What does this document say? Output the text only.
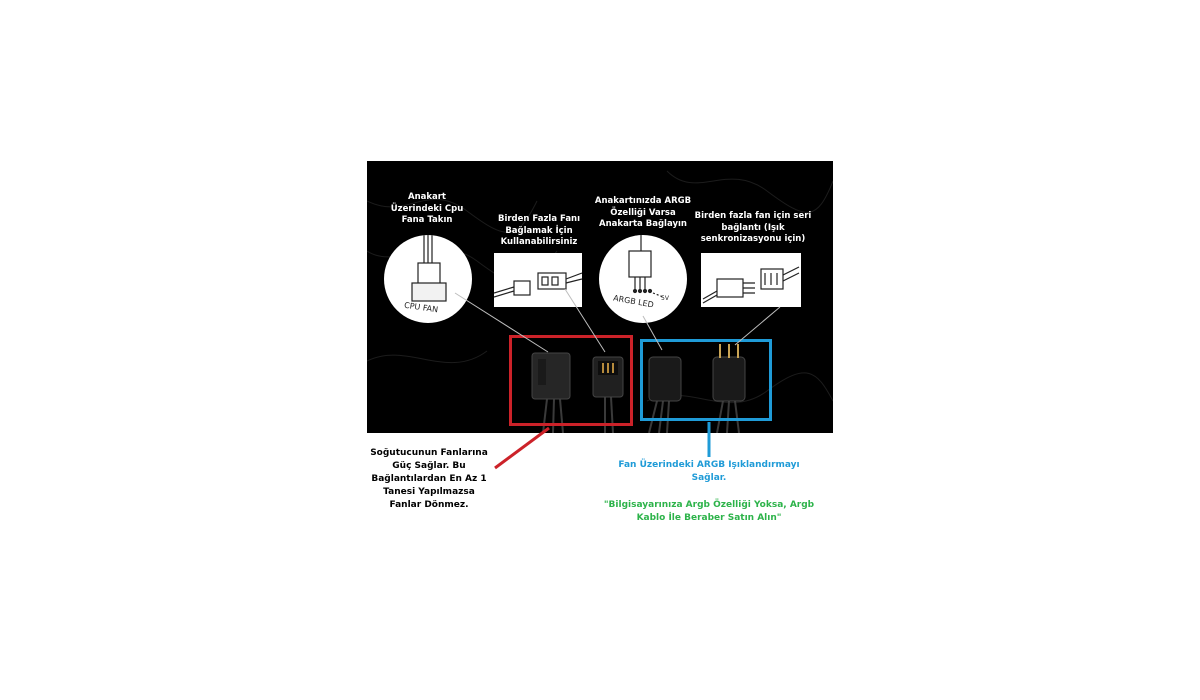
CPU FAN	ARGB LED 5V
Anakart
Üzerindeki Cpu
Fana Takın	Birden Fazla Fanı
Bağlamak İçin
Kullanabilirsiniz
Anakartınızda ARGB
Özelliği Varsa
Anakarta Bağlayın
Birden fazla fan için seri
bağlantı (Işık
senkronizasyonu için)
Soğutucunun Fanlarına
Güç Sağlar. Bu
Bağlantılardan En Az 1
Tanesi Yapılmazsa
Fanlar Dönmez.
Fan Üzerindeki ARGB Işıklandırmayı
Sağlar.
"Bilgisayarınıza Argb Özelliği Yoksa, Argb
Kablo İle Beraber Satın Alın"
